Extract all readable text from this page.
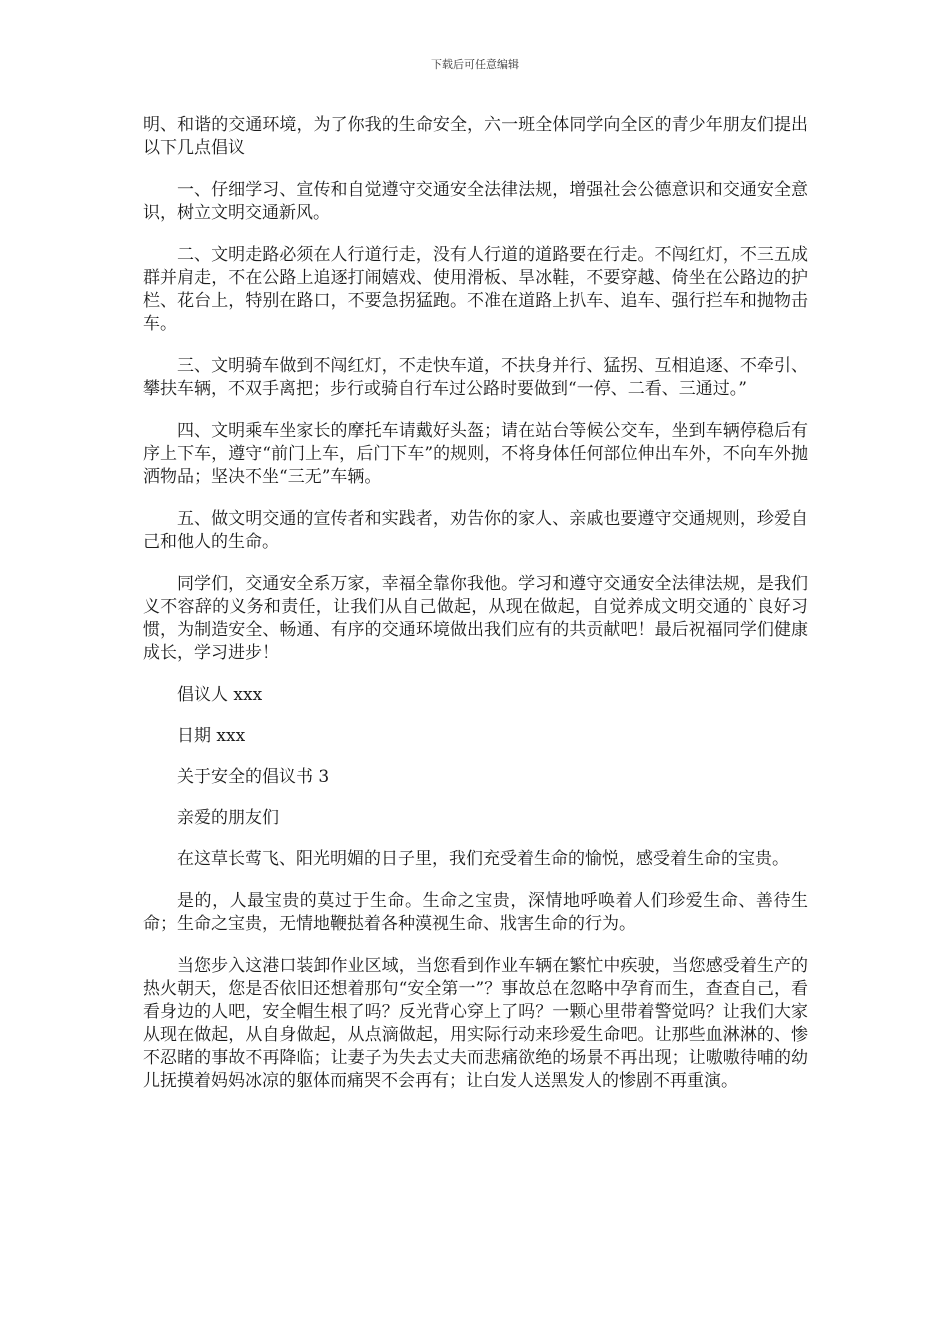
下载后可任意编辑

明、和谐的交通环境，为了你我的生命安全，六一班全体同学向全区的青少年朋友们提出以下几点倡议

一、仔细学习、宣传和自觉遵守交通安全法律法规，增强社会公德意识和交通安全意识，树立文明交通新风。

二、文明走路必须在人行道行走，没有人行道的道路要在行走。不闯红灯，不三五成群并肩走，不在公路上追逐打闹嬉戏、使用滑板、旱冰鞋，不要穿越、倚坐在公路边的护栏、花台上，特别在路口，不要急拐猛跑。不准在道路上扒车、追车、强行拦车和抛物击车。

三、文明骑车做到不闯红灯，不走快车道，不扶身并行、猛拐、互相追逐、不牵引、攀扶车辆，不双手离把；步行或骑自行车过公路时要做到“一停、二看、三通过。”

四、文明乘车坐家长的摩托车请戴好头盔；请在站台等候公交车，坐到车辆停稳后有序上下车，遵守“前门上车，后门下车”的规则，不将身体任何部位伸出车外，不向车外抛洒物品；坚决不坐“三无”车辆。

五、做文明交通的宣传者和实践者，劝告你的家人、亲戚也要遵守交通规则，珍爱自己和他人的生命。

同学们，交通安全系万家，幸福全靠你我他。学习和遵守交通安全法律法规，是我们义不容辞的义务和责任，让我们从自己做起，从现在做起，自觉养成文明交通的`良好习惯，为制造安全、畅通、有序的交通环境做出我们应有的共贡献吧！最后祝福同学们健康成长，学习进步！

倡议人 xxx

日期 xxx

关于安全的倡议书 3

亲爱的朋友们

在这草长莺飞、阳光明媚的日子里，我们充受着生命的愉悦，感受着生命的宝贵。

是的，人最宝贵的莫过于生命。生命之宝贵，深情地呼唤着人们珍爱生命、善待生命；生命之宝贵，无情地鞭挞着各种漠视生命、戕害生命的行为。

当您步入这港口装卸作业区域，当您看到作业车辆在繁忙中疾驶，当您感受着生产的热火朝天，您是否依旧还想着那句“安全第一”？事故总在忽略中孕育而生，查查自己，看看身边的人吧，安全帽生根了吗？反光背心穿上了吗？一颗心里带着警觉吗？让我们大家从现在做起，从自身做起，从点滴做起，用实际行动来珍爱生命吧。让那些血淋淋的、惨不忍睹的事故不再降临；让妻子为失去丈夫而悲痛欲绝的场景不再出现；让嗷嗷待哺的幼儿抚摸着妈妈冰凉的躯体而痛哭不会再有；让白发人送黑发人的惨剧不再重演。
